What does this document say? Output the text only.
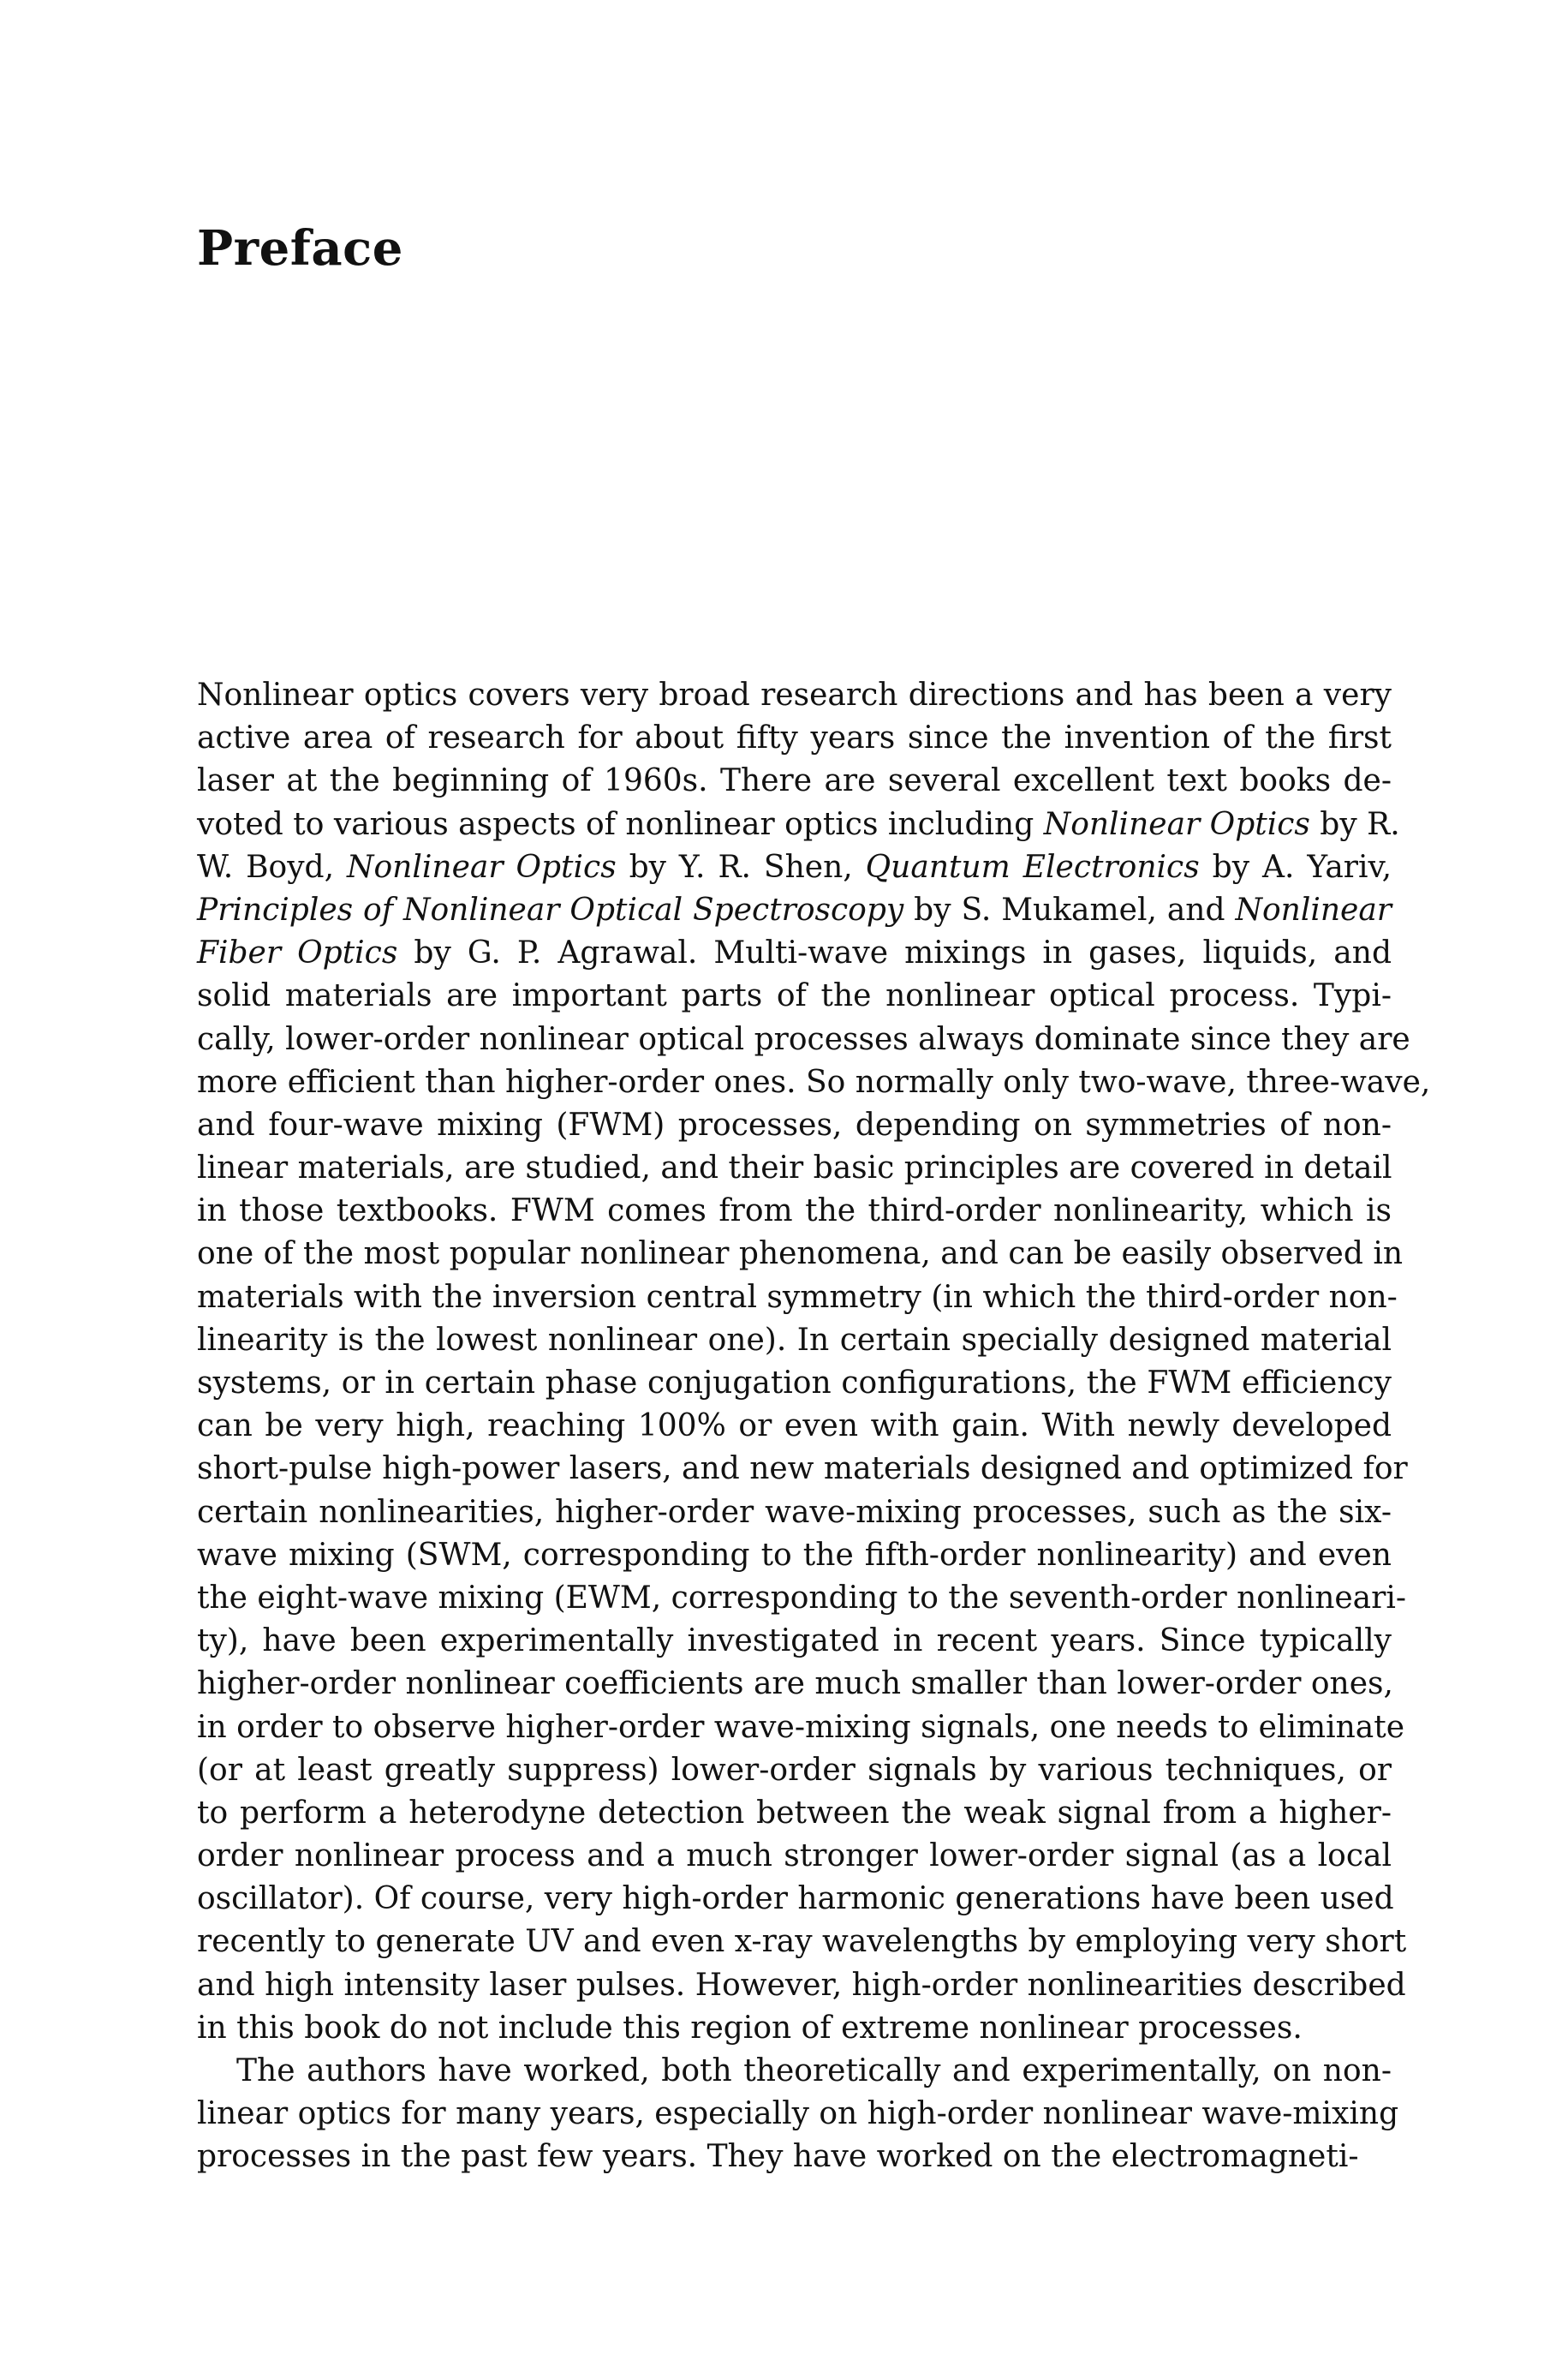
Preface
Nonlinear optics covers very broad research directions and has been a very
active area of research for about fifty years since the invention of the first
laser at the beginning of 1960s. There are several excellent text books de-
voted to various aspects of nonlinear optics including Nonlinear Optics by R.
W. Boyd, Nonlinear Optics by Y. R. Shen, Quantum Electronics by A. Yariv,
Principles of Nonlinear Optical Spectroscopy by S. Mukamel, and Nonlinear
Fiber Optics by G. P. Agrawal. Multi-wave mixings in gases, liquids, and
solid materials are important parts of the nonlinear optical process. Typi-
cally, lower-order nonlinear optical processes always dominate since they are
more efficient than higher-order ones. So normally only two-wave, three-wave,
and four-wave mixing (FWM) processes, depending on symmetries of non-
linear materials, are studied, and their basic principles are covered in detail
in those textbooks. FWM comes from the third-order nonlinearity, which is
one of the most popular nonlinear phenomena, and can be easily observed in
materials with the inversion central symmetry (in which the third-order non-
linearity is the lowest nonlinear one). In certain specially designed material
systems, or in certain phase conjugation configurations, the FWM efficiency
can be very high, reaching 100% or even with gain. With newly developed
short-pulse high-power lasers, and new materials designed and optimized for
certain nonlinearities, higher-order wave-mixing processes, such as the six-
wave mixing (SWM, corresponding to the fifth-order nonlinearity) and even
the eight-wave mixing (EWM, corresponding to the seventh-order nonlineari-
ty), have been experimentally investigated in recent years. Since typically
higher-order nonlinear coefficients are much smaller than lower-order ones,
in order to observe higher-order wave-mixing signals, one needs to eliminate
(or at least greatly suppress) lower-order signals by various techniques, or
to perform a heterodyne detection between the weak signal from a higher-
order nonlinear process and a much stronger lower-order signal (as a local
oscillator). Of course, very high-order harmonic generations have been used
recently to generate UV and even x-ray wavelengths by employing very short
and high intensity laser pulses. However, high-order nonlinearities described
in this book do not include this region of extreme nonlinear processes.
The authors have worked, both theoretically and experimentally, on non-
linear optics for many years, especially on high-order nonlinear wave-mixing
processes in the past few years. They have worked on the electromagneti-
